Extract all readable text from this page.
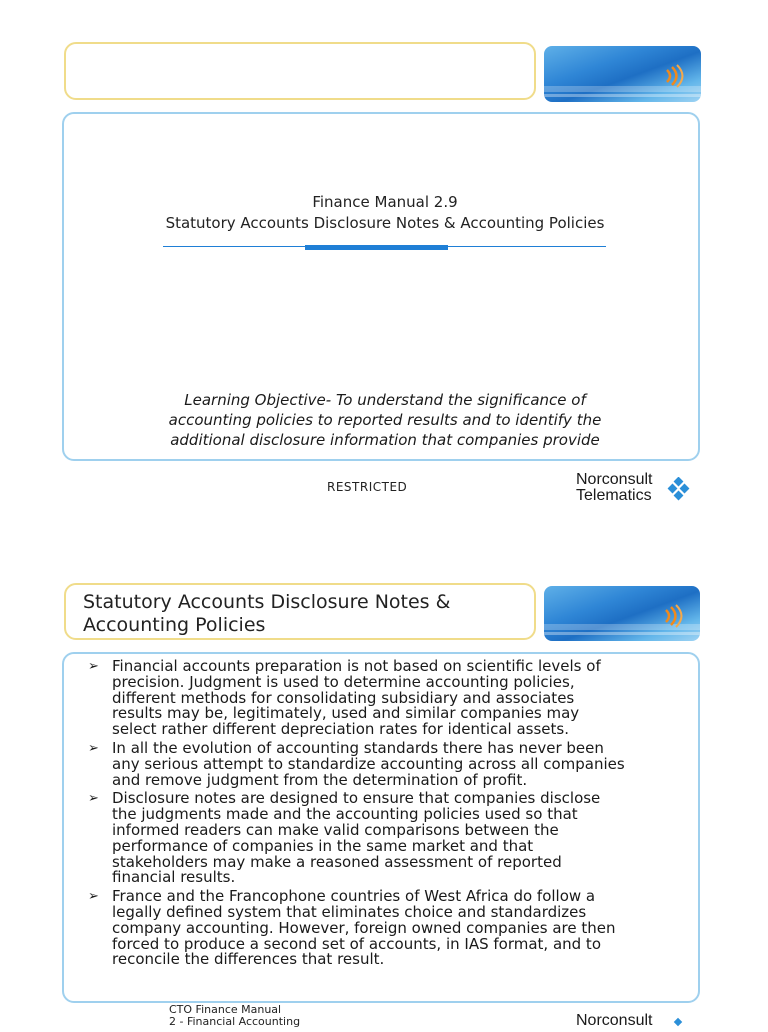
Finance Manual 2.9
Statutory Accounts Disclosure Notes & Accounting Policies
Learning Objective- To understand the significance of
accounting policies to reported results and to identify the
additional disclosure information that companies provide
RESTRICTED	Norconsult
Telematics
Statutory Accounts Disclosure Notes &
Accounting Policies
➢ Financial accounts preparation is not based on scientific levels of
precision. Judgment is used to determine accounting policies,
different methods for consolidating subsidiary and associates
results may be, legitimately, used and similar companies may
select rather different depreciation rates for identical assets.
➢ In all the evolution of accounting standards there has never been
any serious attempt to standardize accounting across all companies
and remove judgment from the determination of profit.
➢ Disclosure notes are designed to ensure that companies disclose
the judgments made and the accounting policies used so that
informed readers can make valid comparisons between the
performance of companies in the same market and that
stakeholders may make a reasoned assessment of reported
financial results.
➢ France and the Francophone countries of West Africa do follow a
legally defined system that eliminates choice and standardizes
company accounting. However, foreign owned companies are then
forced to produce a second set of accounts, in IAS format, and to
reconcile the differences that result.
CTO Finance Manual
2 - Financial Accounting	Norconsult
